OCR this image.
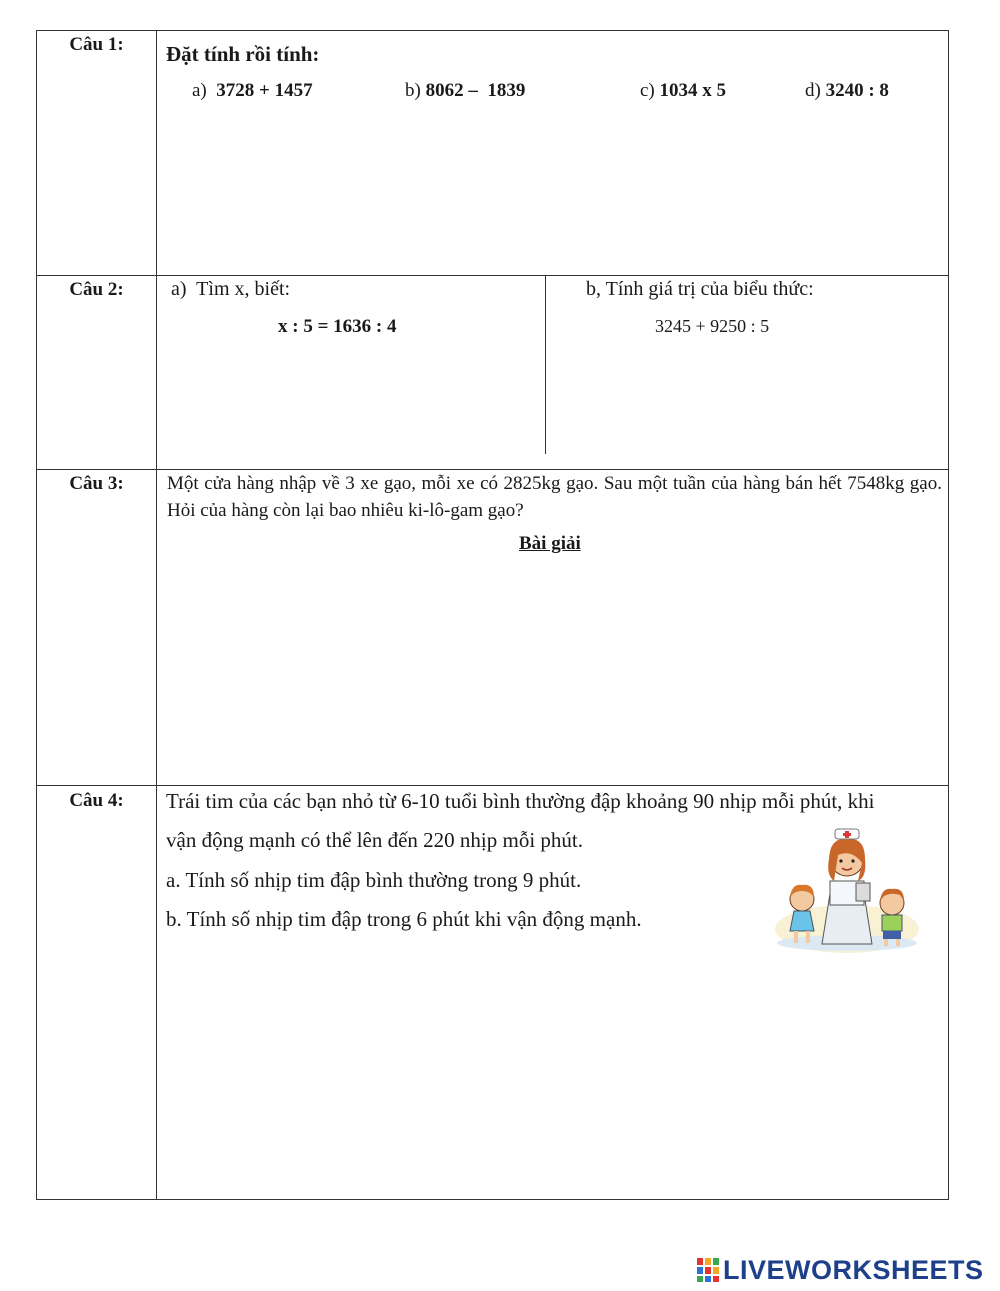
Câu 1:	Đặt tính rồi tính:
a) 3728 + 1457	b) 8062 –  1839	c) 1034 x 5	d) 3240 : 8
Câu 2:	a)  Tìm x, biết:
x : 5 = 1636 : 4
b, Tính giá trị của biểu thức:
3245 + 9250 : 5
Câu 3:	Một cửa hàng nhập về 3 xe gạo, mỗi xe có 2825kg gạo. Sau một tuần của hàng bán hết 7548kg gạo. Hỏi của hàng còn lại bao nhiêu ki-lô-gam gạo?
Bài giải
Câu 4:	Trái tim của các bạn nhỏ từ 6-10 tuổi bình thường đập khoảng 90 nhịp mỗi phút, khi
vận động mạnh có thể lên đến 220 nhịp mỗi phút.
a. Tính số nhịp tim đập bình thường trong 9 phút.
b. Tính số nhịp tim đập trong 6 phút khi vận động mạnh.
LIVEWORKSHEETS
